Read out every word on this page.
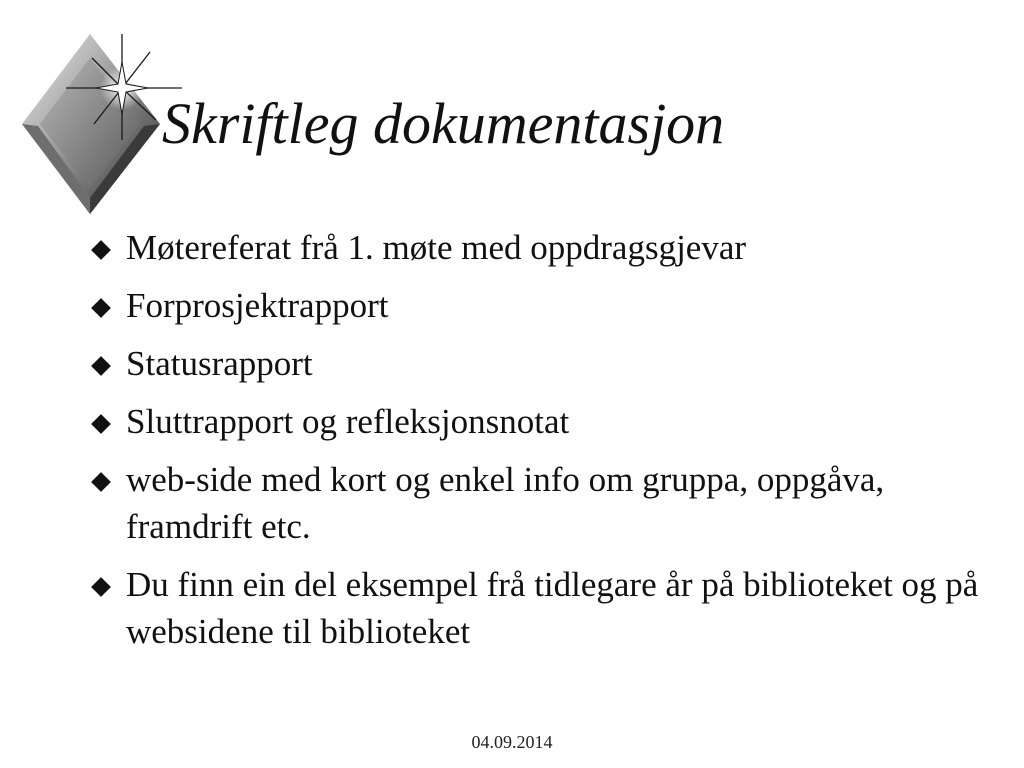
Skriftleg dokumentasjon
Møtereferat frå 1. møte med oppdragsgjevar
Forprosjektrapport
Statusrapport
Sluttrapport og refleksjonsnotat
web-side med kort og enkel info om gruppa, oppgåva, framdrift etc.
Du finn ein del eksempel frå tidlegare år på biblioteket og på websidene til biblioteket
04.09.2014
